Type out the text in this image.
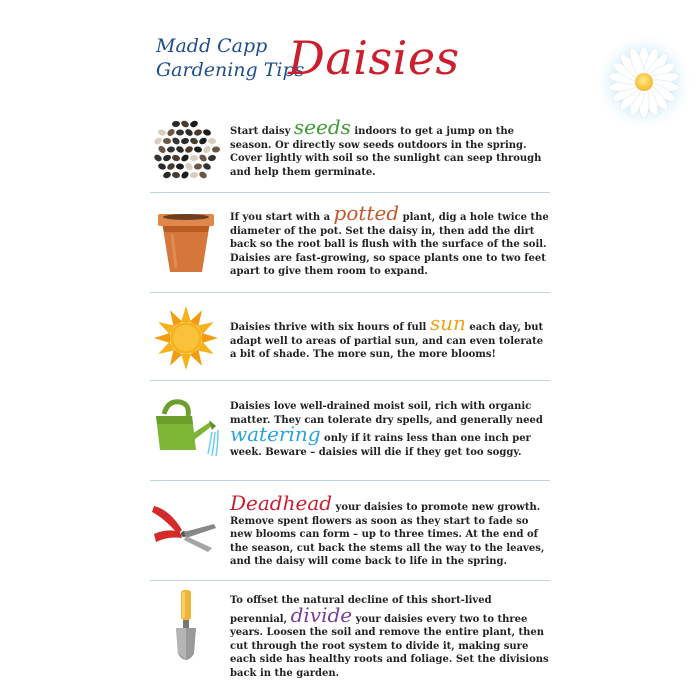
Madd Capp
Gardening Tips
Daisies
Start daisy seeds indoors to get a jump on the season. Or directly sow seeds outdoors in the spring. Cover lightly with soil so the sunlight can seep through and help them germinate.
If you start with a potted plant, dig a hole twice the diameter of the pot. Set the daisy in, then add the dirt back so the root ball is flush with the surface of the soil. Daisies are fast-growing, so space plants one to two feet apart to give them room to expand.
Daisies thrive with six hours of full sun each day, but adapt well to areas of partial sun, and can even tolerate a bit of shade. The more sun, the more blooms!
Daisies love well-drained moist soil, rich with organic matter. They can tolerate dry spells, and generally need watering only if it rains less than one inch per week. Beware – daisies will die if they get too soggy.
Deadhead your daisies to promote new growth. Remove spent flowers as soon as they start to fade so new blooms can form – up to three times. At the end of the season, cut back the stems all the way to the leaves, and the daisy will come back to life in the spring.
To offset the natural decline of this short-lived perennial, divide your daisies every two to three years. Loosen the soil and remove the entire plant, then cut through the root system to divide it, making sure each side has healthy roots and foliage. Set the divisions back in the garden.
